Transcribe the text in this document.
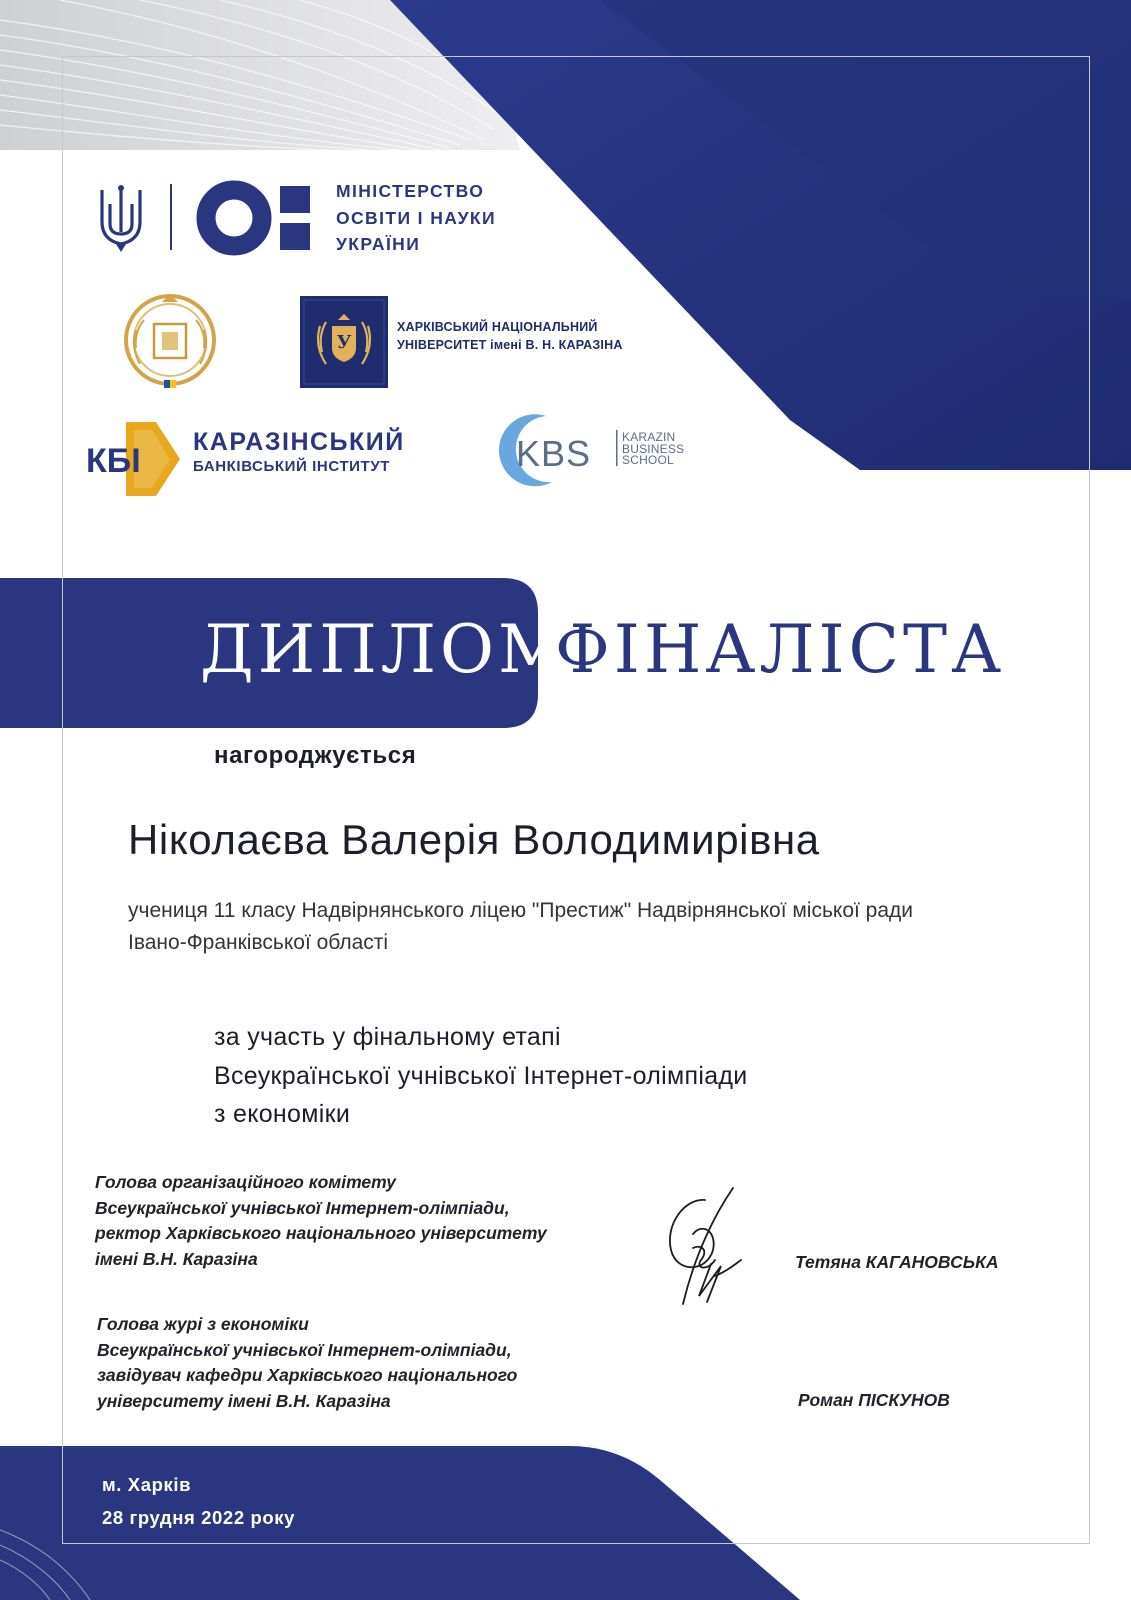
МІНІСТЕРСТВО
ОСВІТИ І НАУКИ
УКРАЇНИ
У
ХАРКІВСЬКИЙ НАЦІОНАЛЬНИЙ
УНІВЕРСИТЕТ імені В. Н. КАРАЗІНА
КБІ КАРАЗІНСЬКИЙ
БАНКІВСЬКИЙ ІНСТИТУТ	KBS	KARAZIN
BUSINESS
SCHOOL
ДИПЛОМ
ФІНАЛІСТА
нагороджується
Ніколаєва Валерія Володимирівна
учениця 11 класу Надвірнянського ліцею "Престиж" Надвірнянської міської ради
Івано-Франківської області
за участь у фінальному етапі
Всеукраїнської учнівської Інтернет-олімпіади
з економіки
Голова організаційного комітету
Всеукраїнської учнівської Інтернет-олімпіади,
ректор Харківського національного університету
імені В.Н. Каразіна	Тетяна КАГАНОВСЬКА
Голова журі з економіки
Всеукраїнської учнівської Інтернет-олімпіади,
завідувач кафедри Харківського національного
університету імені В.Н. Каразіна	Роман ПІСКУНОВ
м. Харків
28 грудня 2022 року
